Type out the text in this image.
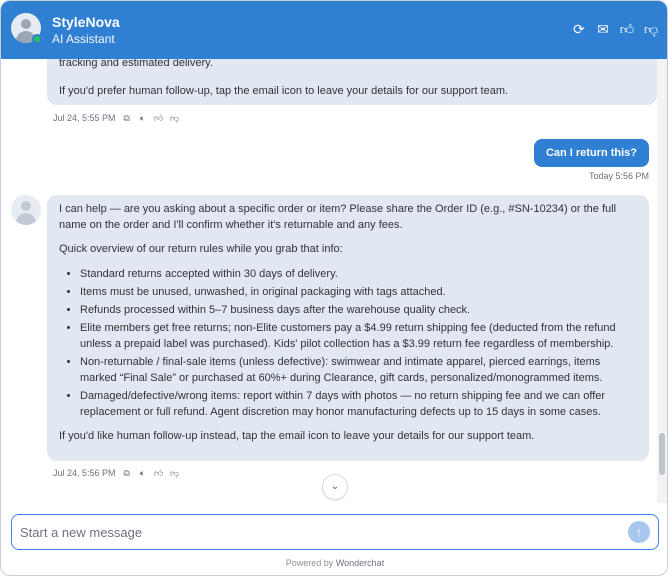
StyleNova
AI Assistant
⟳ ✉ 👍︎ 👎︎

tracking and estimated delivery.

If you'd prefer human follow-up, tap the email icon to leave your details for our support team.

Jul 24, 5:55 PM ⧉ 🔈︎ 👍︎ 👎︎
Can I return this?
Today 5:56 PM

I can help — are you asking about a specific order or item? Please share the Order ID (e.g., #SN-10234) or the full name on the order and I'll confirm whether it's returnable and any fees.

Quick overview of our return rules while you grab that info:

• Standard returns accepted within 30 days of delivery.
• Items must be unused, unwashed, in original packaging with tags attached.
• Refunds processed within 5–7 business days after the warehouse quality check.
• Elite members get free returns; non-Elite customers pay a $4.99 return shipping fee (deducted from the refund unless a prepaid label was purchased). Kids' pilot collection has a $3.99 return fee regardless of membership.
• Non-returnable / final-sale items (unless defective): swimwear and intimate apparel, pierced earrings, items marked “Final Sale” or purchased at 60%+ during Clearance, gift cards, personalized/monogrammed items.
• Damaged/defective/wrong items: report within 7 days with photos — no return shipping fee and we can offer replacement or full refund. Agent discretion may honor manufacturing defects up to 15 days in some cases.

If you'd like human follow-up instead, tap the email icon to leave your details for our support team.

Jul 24, 5:56 PM ⧉ 🔈︎ 👍︎ 👎︎
⌄
Start a new message
↑
Powered by Wonderchat
